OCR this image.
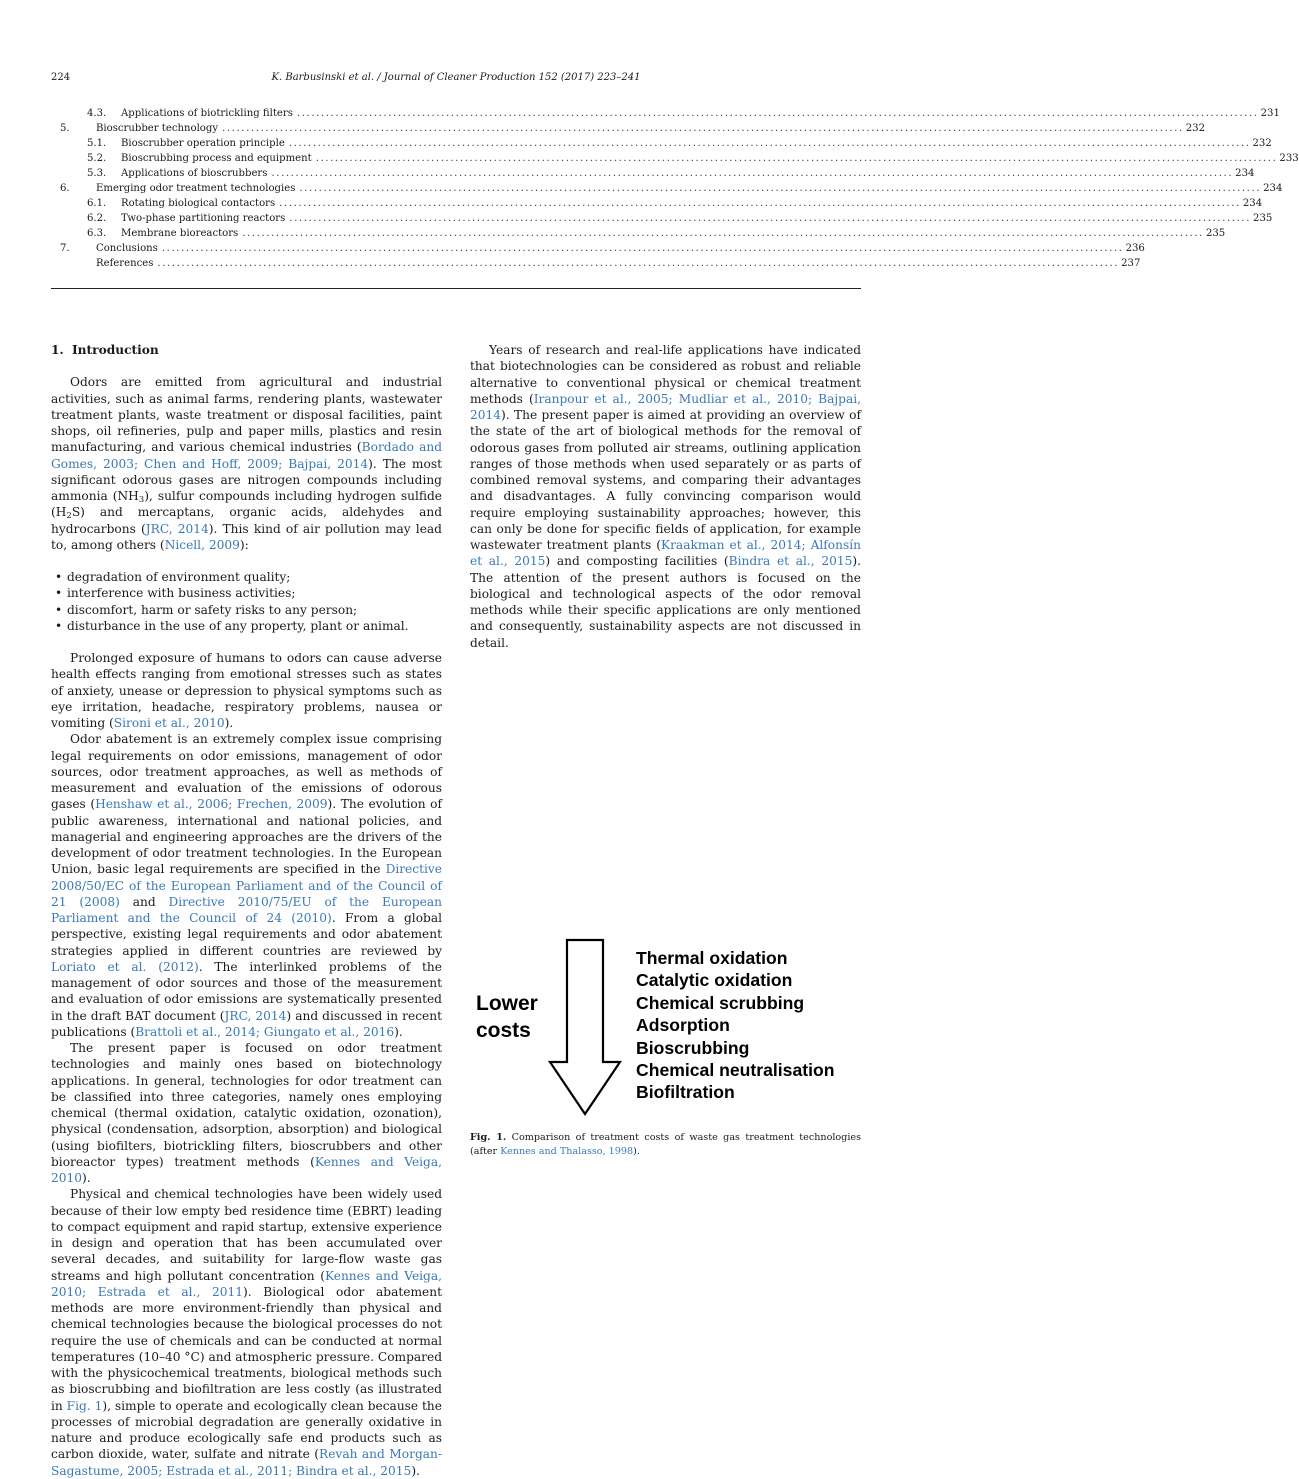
224	K. Barbusinski et al. / Journal of Cleaner Production 152 (2017) 223–241
4.3.	Applications of biotrickling filters ........................................................................................................................................................................................................ 231
5.	Bioscrubber technology ........................................................................................................................................................................................................ 232
5.1.	Bioscrubber operation principle ........................................................................................................................................................................................................ 232
5.2.	Bioscrubbing process and equipment ........................................................................................................................................................................................................ 233
5.3.	Applications of bioscrubbers ........................................................................................................................................................................................................ 234
6.	Emerging odor treatment technologies ........................................................................................................................................................................................................ 234
6.1.	Rotating biological contactors ........................................................................................................................................................................................................ 234
6.2.	Two-phase partitioning reactors ........................................................................................................................................................................................................ 235
6.3.	Membrane bioreactors ........................................................................................................................................................................................................ 235
7.	Conclusions ........................................................................................................................................................................................................ 236
References ........................................................................................................................................................................................................ 237
1. Introduction

Odors are emitted from agricultural and industrial activities, such as animal farms, rendering plants, wastewater treatment plants, waste treatment or disposal facilities, paint shops, oil refineries, pulp and paper mills, plastics and resin manufacturing, and various chemical industries (Bordado and Gomes, 2003; Chen and Hoff, 2009; Bajpai, 2014). The most significant odorous gases are nitrogen compounds including ammonia $(NH_3)$, sulfur compounds including hydrogen sulfide $(H_2S)$ and mercaptans, organic acids, aldehydes and hydrocarbons (JRC, 2014). This kind of air pollution may lead to, among others (Nicell, 2009):

• degradation of environment quality;
• interference with business activities;
• discomfort, harm or safety risks to any person;
• disturbance in the use of any property, plant or animal.

Prolonged exposure of humans to odors can cause adverse health effects ranging from emotional stresses such as states of anxiety, unease or depression to physical symptoms such as eye irritation, headache, respiratory problems, nausea or vomiting (Sironi et al., 2010).

Odor abatement is an extremely complex issue comprising legal requirements on odor emissions, management of odor sources, odor treatment approaches, as well as methods of measurement and evaluation of the emissions of odorous gases (Henshaw et al., 2006; Frechen, 2009). The evolution of public awareness, international and national policies, and managerial and engineering approaches are the drivers of the development of odor treatment technologies. In the European Union, basic legal requirements are specified in the Directive 2008/50/EC of the European Parliament and of the Council of 21 (2008) and Directive 2010/75/EU of the European Parliament and the Council of 24 (2010). From a global perspective, existing legal requirements and odor abatement strategies applied in different countries are reviewed by Loriato et al. (2012). The interlinked problems of the management of odor sources and those of the measurement and evaluation of odor emissions are systematically presented in the draft BAT document (JRC, 2014) and discussed in recent publications (Brattoli et al., 2014; Giungato et al., 2016).

The present paper is focused on odor treatment technologies and mainly ones based on biotechnology applications. In general, technologies for odor treatment can be classified into three categories, namely ones employing chemical (thermal oxidation, catalytic oxidation, ozonation), physical (condensation, adsorption, absorption) and biological (using biofilters, biotrickling filters, bioscrubbers and other bioreactor types) treatment methods (Kennes and Veiga, 2010).

Physical and chemical technologies have been widely used because of their low empty bed residence time (EBRT) leading to compact equipment and rapid startup, extensive experience in design and operation that has been accumulated over several decades, and suitability for large-flow waste gas streams and high pollutant concentration (Kennes and Veiga, 2010; Estrada et al., 2011). Biological odor abatement methods are more environment-friendly than physical and chemical technologies because the biological processes do not require the use of chemicals and can be conducted at normal temperatures (10–40 °C) and atmospheric pressure. Compared with the physicochemical treatments, biological methods such as bioscrubbing and biofiltration are less costly (as illustrated in Fig. 1), simple to operate and ecologically clean because the processes of microbial degradation are generally oxidative in nature and produce ecologically safe end products such as carbon dioxide, water, sulfate and nitrate (Revah and Morgan-Sagastume, 2005; Estrada et al., 2011; Bindra et al., 2015).

Years of research and real-life applications have indicated that biotechnologies can be considered as robust and reliable alternative to conventional physical or chemical treatment methods (Iranpour et al., 2005; Mudliar et al., 2010; Bajpai, 2014). The present paper is aimed at providing an overview of the state of the art of biological methods for the removal of odorous gases from polluted air streams, outlining application ranges of those methods when used separately or as parts of combined removal systems, and comparing their advantages and disadvantages. A fully convincing comparison would require employing sustainability approaches; however, this can only be done for specific fields of application, for example wastewater treatment plants (Kraakman et al., 2014; Alfonsín et al., 2015) and composting facilities (Bindra et al., 2015). The attention of the present authors is focused on the biological and technological aspects of the odor removal methods while their specific applications are only mentioned and consequently, sustainability aspects are not discussed in detail.

Lower
costs
Thermal oxidation
Catalytic oxidation
Chemical scrubbing
Adsorption
Bioscrubbing
Chemical neutralisation
Biofiltration
Fig. 1. Comparison of treatment costs of waste gas treatment technologies (after Kennes and Thalasso, 1998).
